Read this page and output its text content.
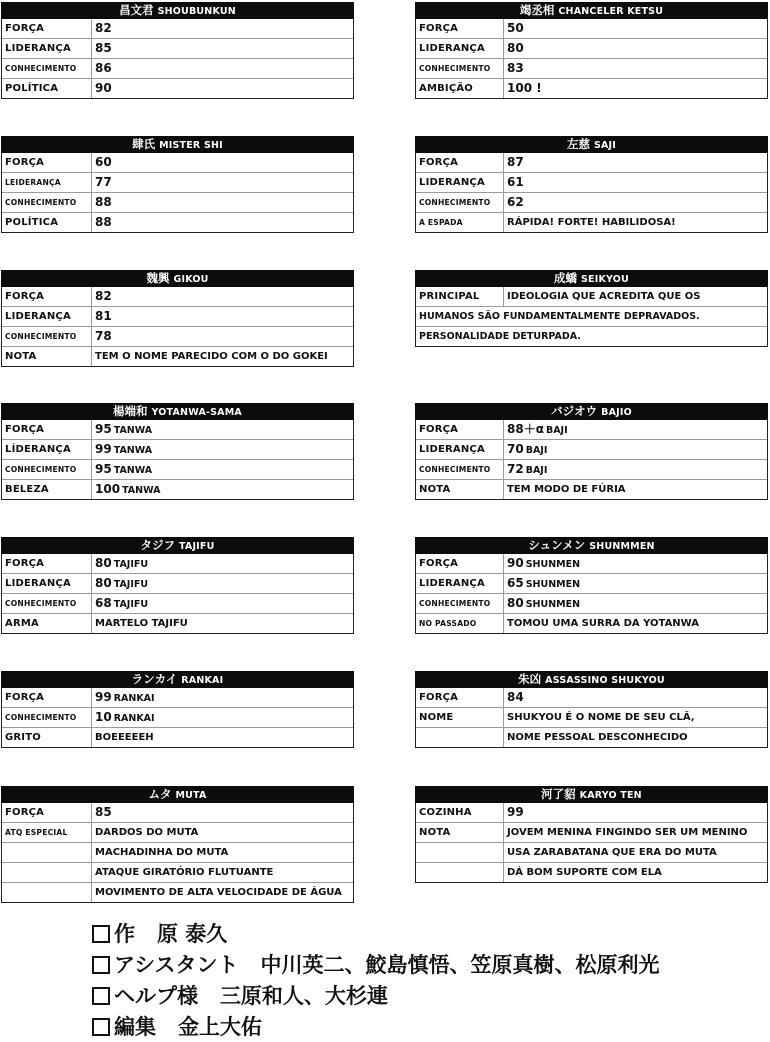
昌文君 SHOUBUNKUN
FORÇA	82
LIDERANÇA	85
CONHECIMENTO	86
POLÍTICA	90
竭丞相 CHANCELER KETSU
FORÇA	50
LIDERANÇA	80
CONHECIMENTO	83
AMBIÇÃO	100 !
肆氏 MISTER SHI
FORÇA	60
LEIDERANÇA	77
CONHECIMENTO	88
POLÍTICA	88
左慈 SAJI
FORÇA	87
LIDERANÇA	61
CONHECIMENTO	62
A ESPADA	RÁPIDA! FORTE! HABILIDOSA!
魏興 GIKOU
FORÇA	82
LIDERANÇA	81
CONHECIMENTO	78
NOTA	TEM O NOME PARECIDO COM O DO GOKEI
成蟜 SEIKYOU
PRINCIPAL	IDEOLOGIA QUE ACREDITA QUE OS
HUMANOS SÃO FUNDAMENTALMENTE DEPRAVADOS.
PERSONALIDADE DETURPADA.
楊端和 YOTANWA-SAMA
FORÇA	95 TANWA
LÍDERANÇA	99 TANWA
CONHECIMENTO	95 TANWA
BELEZA	100 TANWA
バジオウ BAJIO
FORÇA	88＋α BAJI
LIDERANÇA	70 BAJI
CONHECIMENTO	72 BAJI
NOTA	TEM MODO DE FÚRIA
タジフ TAJIFU
FORÇA	80 TAJIFU
LIDERANÇA	80 TAJIFU
CONHECIMENTO	68 TAJIFU
ARMA	MARTELO TAJIFU
シュンメン SHUNMMEN
FORÇA	90 SHUNMEN
LIDERANÇA	65 SHUNMEN
CONHECIMENTO	80 SHUNMEN
NO PASSADO	TOMOU UMA SURRA DA YOTANWA
ランカイ RANKAI
FORÇA	99 RANKAI
CONHECIMENTO	10 RANKAI
GRITO	BOEEEEEH
朱凶 ASSASSINO SHUKYOU
FORÇA	84
NOME	SHUKYOU É O NOME DE SEU CLÃ,
NOME PESSOAL DESCONHECIDO
ムタ MUTA
FORÇA	85
ATQ ESPECIAL	DARDOS DO MUTA
MACHADINHA DO MUTA
ATAQUE GIRATÓRIO FLUTUANTE
MOVIMENTO DE ALTA VELOCIDADE DE ÁGUA
河了貂 KARYO TEN
COZINHA	99
NOTA	JOVEM MENINA FINGINDO SER UM MENINO
USA ZARABATANA QUE ERA DO MUTA
DÁ BOM SUPORTE COM ELA
作 原 泰久
アシスタント 中川英二、鮫島慎悟、笠原真樹、松原利光
ヘルプ様 三原和人、大杉連
編集 金上大佑
